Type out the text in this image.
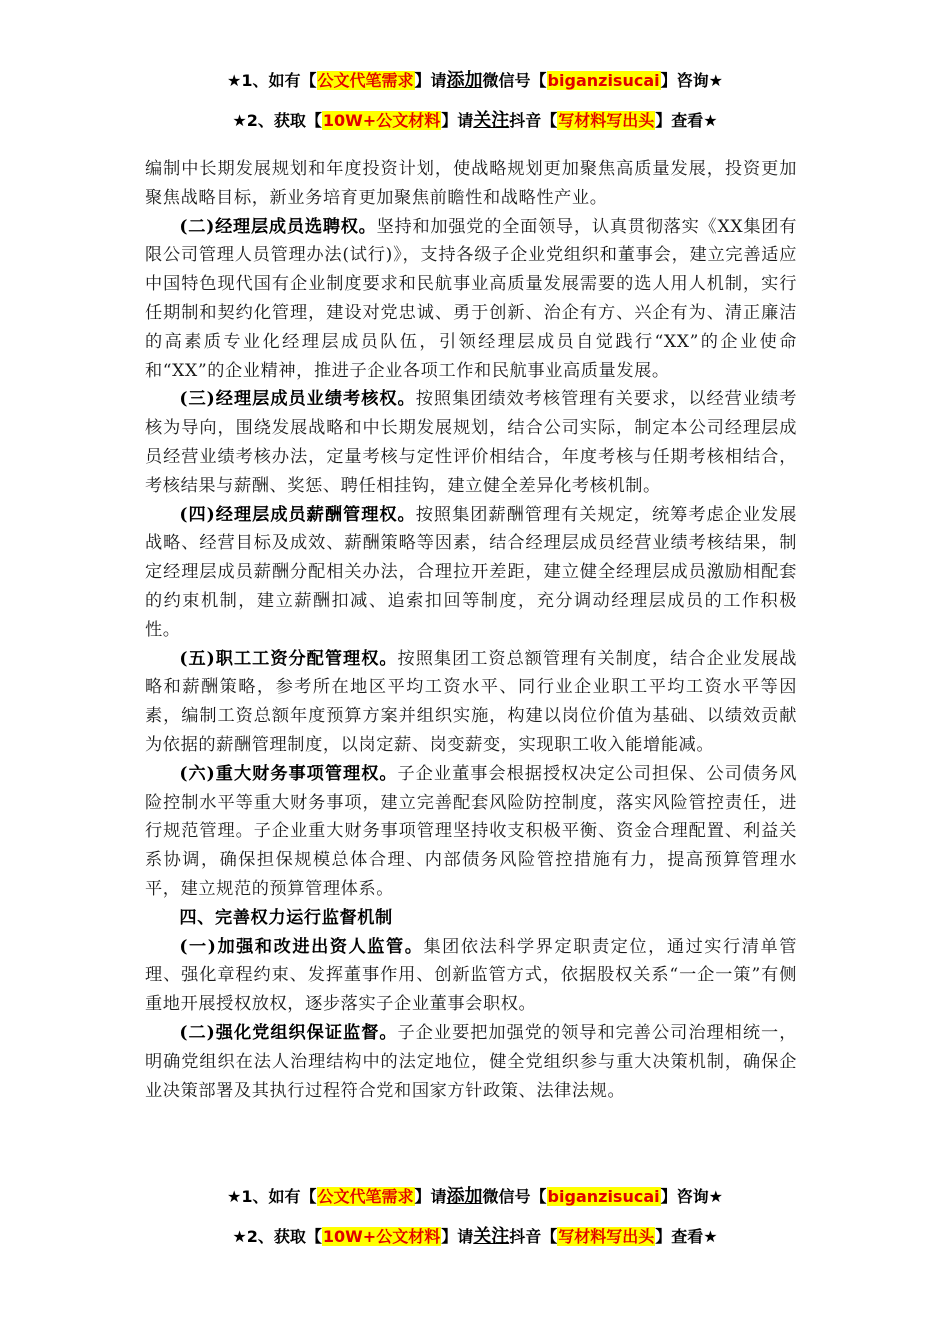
★1、如有【公文代笔需求】请添加微信号【biganzisucai】咨询★
★2、获取【10W+公文材料】请关注抖音【写材料写出头】查看★

编制中长期发展规划和年度投资计划，使战略规划更加聚焦高质量发展，投资更加聚焦战略目标，新业务培育更加聚焦前瞻性和战略性产业。

(二)经理层成员选聘权。坚持和加强党的全面领导，认真贯彻落实《XX集团有限公司管理人员管理办法(试行)》，支持各级子企业党组织和董事会，建立完善适应中国特色现代国有企业制度要求和民航事业高质量发展需要的选人用人机制，实行任期制和契约化管理，建设对党忠诚、勇于创新、治企有方、兴企有为、清正廉洁的高素质专业化经理层成员队伍，引领经理层成员自觉践行“XX”的企业使命和“XX”的企业精神，推进子企业各项工作和民航事业高质量发展。

(三)经理层成员业绩考核权。按照集团绩效考核管理有关要求，以经营业绩考核为导向，围绕发展战略和中长期发展规划，结合公司实际，制定本公司经理层成员经营业绩考核办法，定量考核与定性评价相结合，年度考核与任期考核相结合，考核结果与薪酬、奖惩、聘任相挂钩，建立健全差异化考核机制。

(四)经理层成员薪酬管理权。按照集团薪酬管理有关规定，统筹考虑企业发展战略、经营目标及成效、薪酬策略等因素，结合经理层成员经营业绩考核结果，制定经理层成员薪酬分配相关办法，合理拉开差距，建立健全经理层成员激励相配套的约束机制，建立薪酬扣减、追索扣回等制度，充分调动经理层成员的工作积极性。

(五)职工工资分配管理权。按照集团工资总额管理有关制度，结合企业发展战略和薪酬策略，参考所在地区平均工资水平、同行业企业职工平均工资水平等因素，编制工资总额年度预算方案并组织实施，构建以岗位价值为基础、以绩效贡献为依据的薪酬管理制度，以岗定薪、岗变薪变，实现职工收入能增能减。

(六)重大财务事项管理权。子企业董事会根据授权决定公司担保、公司债务风险控制水平等重大财务事项，建立完善配套风险防控制度，落实风险管控责任，进行规范管理。子企业重大财务事项管理坚持收支积极平衡、资金合理配置、利益关系协调，确保担保规模总体合理、内部债务风险管控措施有力，提高预算管理水平，建立规范的预算管理体系。

四、完善权力运行监督机制

(一)加强和改进出资人监管。集团依法科学界定职责定位，通过实行清单管理、强化章程约束、发挥董事作用、创新监管方式，依据股权关系“一企一策”有侧重地开展授权放权，逐步落实子企业董事会职权。

(二)强化党组织保证监督。子企业要把加强党的领导和完善公司治理相统一，明确党组织在法人治理结构中的法定地位，健全党组织参与重大决策机制，确保企业决策部署及其执行过程符合党和国家方针政策、法律法规。

★1、如有【公文代笔需求】请添加微信号【biganzisucai】咨询★
★2、获取【10W+公文材料】请关注抖音【写材料写出头】查看★
